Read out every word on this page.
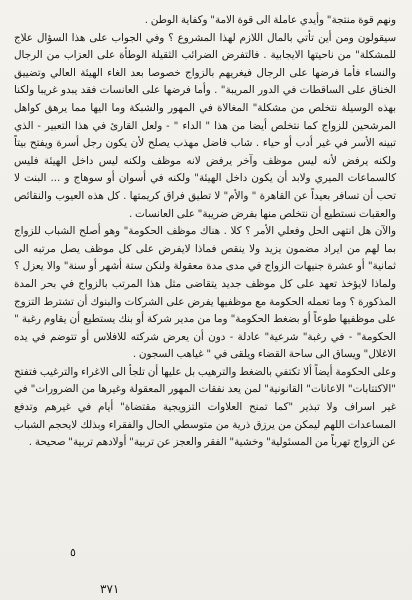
ونهم قوة منتجة" وأيدي عاملة الى قوة الامة" وكفاية الوطن .

سيقولون ومن أين تأتي بالمال اللازم لهذا المشروع ؟ وفي الجواب على هذا السؤال علاج للمشكلة" من ناحيتها الايجابية . فالتفرض الضرائب الثقيلة الوطأة على العزاب من الرجال والنساء فأما فرضها على الرجال فيغريهم بالزواج خصوصا بعد الغاء الهيئة العالي وتضييق الخناق على الساقطات في الدور المريبة" . وأما فرضها على العانسات فقد يبدو غريبا ولكنا بهذه الوسيلة نتخلص من مشكلة" المغالاة في المهور والشبكة وما اليها مما يرهق كواهل المرشحين للزواج كما نتخلص أيضا من هذا " الداء " - ولعل القارئ في هذا التعبير - الذي تبينه الأسر في غير أدب أو حياء . شاب فاضل مهذب يصلح لأن يكون رجل أسرة ويفتح بيتاً ولكنه يرفض لأنه ليس موظف وآخر يرفض لانه موظف ولكنه ليس داخل الهيئة فليس كالسماعات الميري ولابد أن يكون داخل الهيئة" ولكنه في أسوان أو سوهاج و ... البنت لا تحب أن تسافر بعيداً عن القاهرة " والأم" لا تطيق فراق كريمتها . كل هذه العيوب والنقائص والعقبات نستطيع أن نتخلص منها بفرض ضريبة" على العانسات .

والآن هل انتهى الحل وفعلي الأمر ؟ كلا . هناك موظف الحكومة" وهو أصلح الشباب للزواج بما لهم من ايراد مضمون يزيد ولا ينقص فماذا لايفرض على كل موظف يصل مرتبه الى ثمانية" أو عشرة جنيهات الزواج في مدى مدة معقولة ولنكن ستة أشهر أو سنة" والا يعزل ؟ ولماذا لايؤخذ تعهد على كل موظف جديد يتقاضى مثل هذا المرتب بالزواج في بحر المدة المذكورة ؟ وما تعمله الحكومة مع موظفيها يفرض على الشركات والبنوك أن تشترط التزوج على موظفيها طوعاً أو بضغط الحكومة" وما من مدير شركة أو بنك يستطيع أن يقاوم رغبة " الحكومة" - في رغبة" شرعية" عادلة - دون أن يعرض شركته للافلاس أو تتوضم في يده الاغلال" ويساق الى ساحة القضاء ويلقى في " غياهب السجون .

وعلى الحكومة أيضاً ألا تكتفي بالضغط والترهيب بل عليها أن تلجأ الى الاغراء والترغيب فتفتح "الاكتتابات" الاعانات" القانونية" لمن يعد نفقات المهور المعقولة وغيرها من الضرورات" في غير اسراف ولا تبذير "كما تمنح العلاوات التزويجية مقتضاة" أيام في غيرهم وتدفع المساعدات اللهم ليمكن من يرزق ذرية من متوسطي الحال والفقراء وبذلك لايحجم الشباب عن الزواج تهرباً من المسئولية" وخشية" الفقر والعجز عن تربية" أولادهم تربية" صحيحة .

٥
٣٧١
